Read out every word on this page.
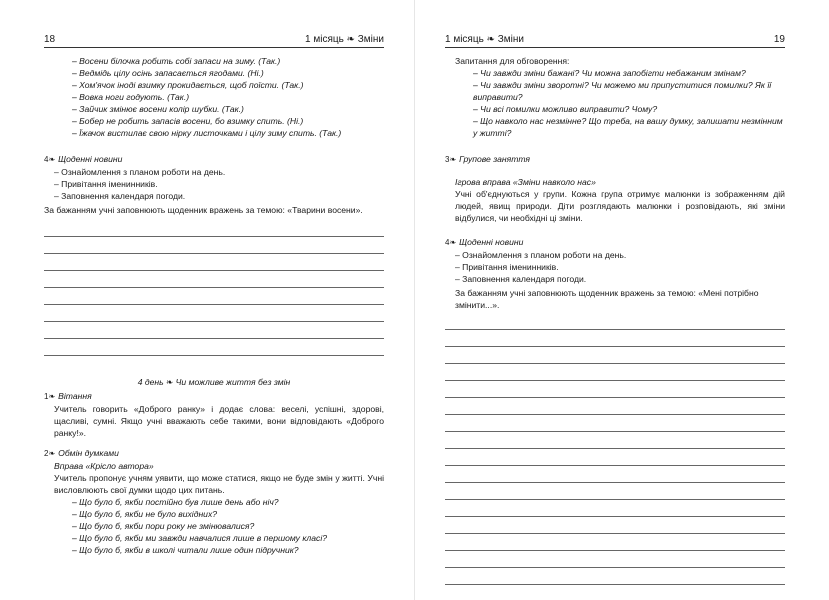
18	1 місяць ❧ Зміни

– Восени білочка робить собі запаси на зиму. (Так.)

– Ведмідь цілу осінь запасається ягодами. (Ні.)

– Хом'ячок іноді взимку прокидається, щоб поїсти. (Так.)

– Вовка ноги годують. (Так.)

– Зайчик змінює восени колір шубки. (Так.)

– Бобер не робить запасів восени, бо взимку спить. (Ні.)

– Їжачок вистилає свою нірку листочками і цілу зиму спить. (Так.)

4❧ Щоденні новини

– Ознайомлення з планом роботи на день.

– Привітання іменинників.

– Заповнення календаря погоди.

За бажанням учні заповнюють щоденник вражень за темою: «Тварини восени».

4 день ❧ Чи можливе життя без змін

1❧ Вітання

Учитель говорить «Доброго ранку» і додає слова: веселі, успішні, здорові, щасливі, сумні. Якщо учні вважають себе такими, вони відповідають «Доброго ранку!».

2❧ Обмін думками

Вправа «Крісло автора»

Учитель пропонує учням уявити, що може статися, якщо не буде змін у житті. Учні висловлюють свої думки щодо цих питань.

– Що було б, якби постійно був лише день або ніч?

– Що було б, якби не було вихідних?

– Що було б, якби пори року не змінювалися?

– Що було б, якби ми завжди навчалися лише в першому класі?

– Що було б, якби в школі читали лише один підручник?

1 місяць ❧ Зміни	19

Запитання для обговорення:

– Чи завжди зміни бажані? Чи можна запобігти небажаним змінам?

– Чи завжди зміни зворотні? Чи можемо ми припуститися помилки? Як її виправити?

– Чи всі помилки можливо виправити? Чому?

– Що навколо нас незмінне? Що треба, на вашу думку, залишати незмінним у житті?

3❧ Групове заняття

Ігрова вправа «Зміни навколо нас»

Учні об'єднуються у групи. Кожна група отримує малюнки із зображенням дій людей, явищ природи. Діти розглядають малюнки і розповідають, які зміни відбулися, чи необхідні ці зміни.

4❧ Щоденні новини

– Ознайомлення з планом роботи на день.

– Привітання іменинників.

– Заповнення календаря погоди.

За бажанням учні заповнюють щоденник вражень за темою: «Мені потрібно змінити...».
